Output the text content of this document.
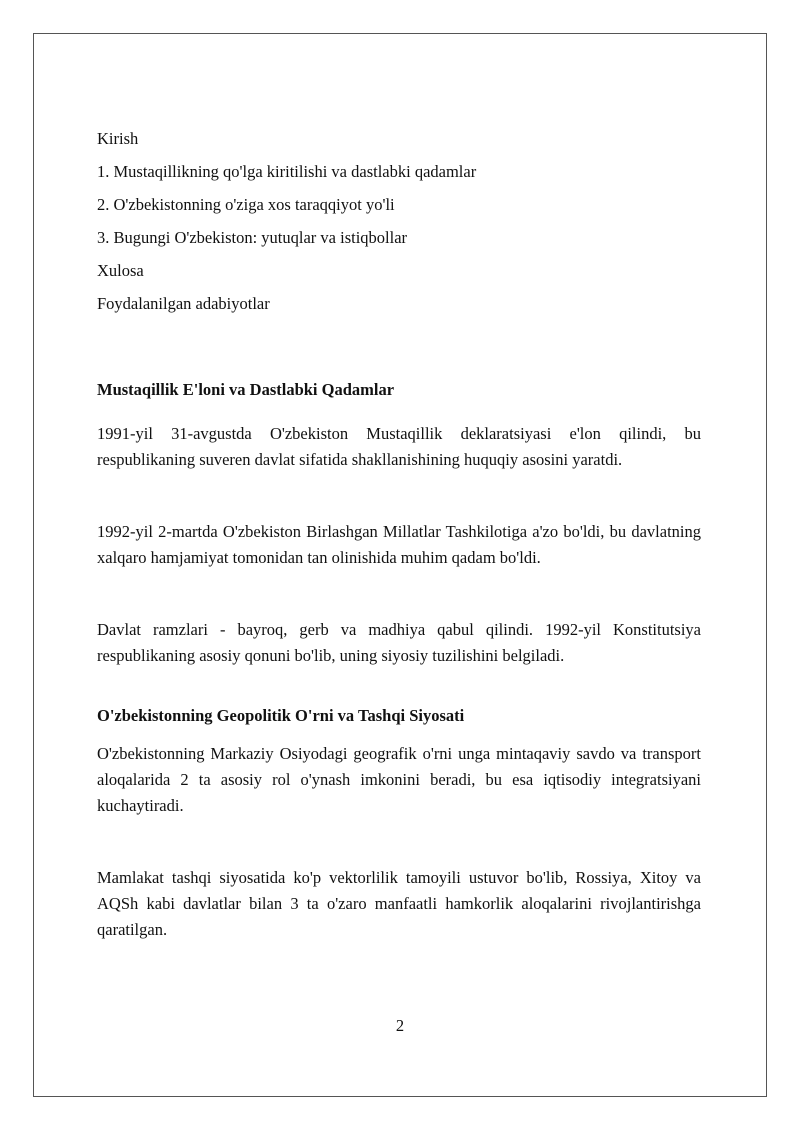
Kirish

1. Mustaqillikning qo'lga kiritilishi va dastlabki qadamlar

2. O'zbekistonning o'ziga xos taraqqiyot yo'li

3. Bugungi O'zbekiston: yutuqlar va istiqbollar

Xulosa

Foydalanilgan adabiyotlar

Mustaqillik E'loni va Dastlabki Qadamlar

1991-yil 31-avgustda O'zbekiston Mustaqillik deklaratsiyasi e'lon qilindi, bu respublikaning suveren davlat sifatida shakllanishining huquqiy asosini yaratdi.

1992-yil 2-martda O'zbekiston Birlashgan Millatlar Tashkilotiga a'zo bo'ldi, bu davlatning xalqaro hamjamiyat tomonidan tan olinishida muhim qadam bo'ldi.

Davlat ramzlari - bayroq, gerb va madhiya qabul qilindi. 1992-yil Konstitutsiya respublikaning asosiy qonuni bo'lib, uning siyosiy tuzilishini belgiladi.

O'zbekistonning Geopolitik O'rni va Tashqi Siyosati

O'zbekistonning Markaziy Osiyodagi geografik o'rni unga mintaqaviy savdo va transport aloqalarida 2 ta asosiy rol o'ynash imkonini beradi, bu esa iqtisodiy integratsiyani kuchaytiradi.

Mamlakat tashqi siyosatida ko'p vektorlilik tamoyili ustuvor bo'lib, Rossiya, Xitoy va AQSh kabi davlatlar bilan 3 ta o'zaro manfaatli hamkorlik aloqalarini rivojlantirishga qaratilgan.

2
